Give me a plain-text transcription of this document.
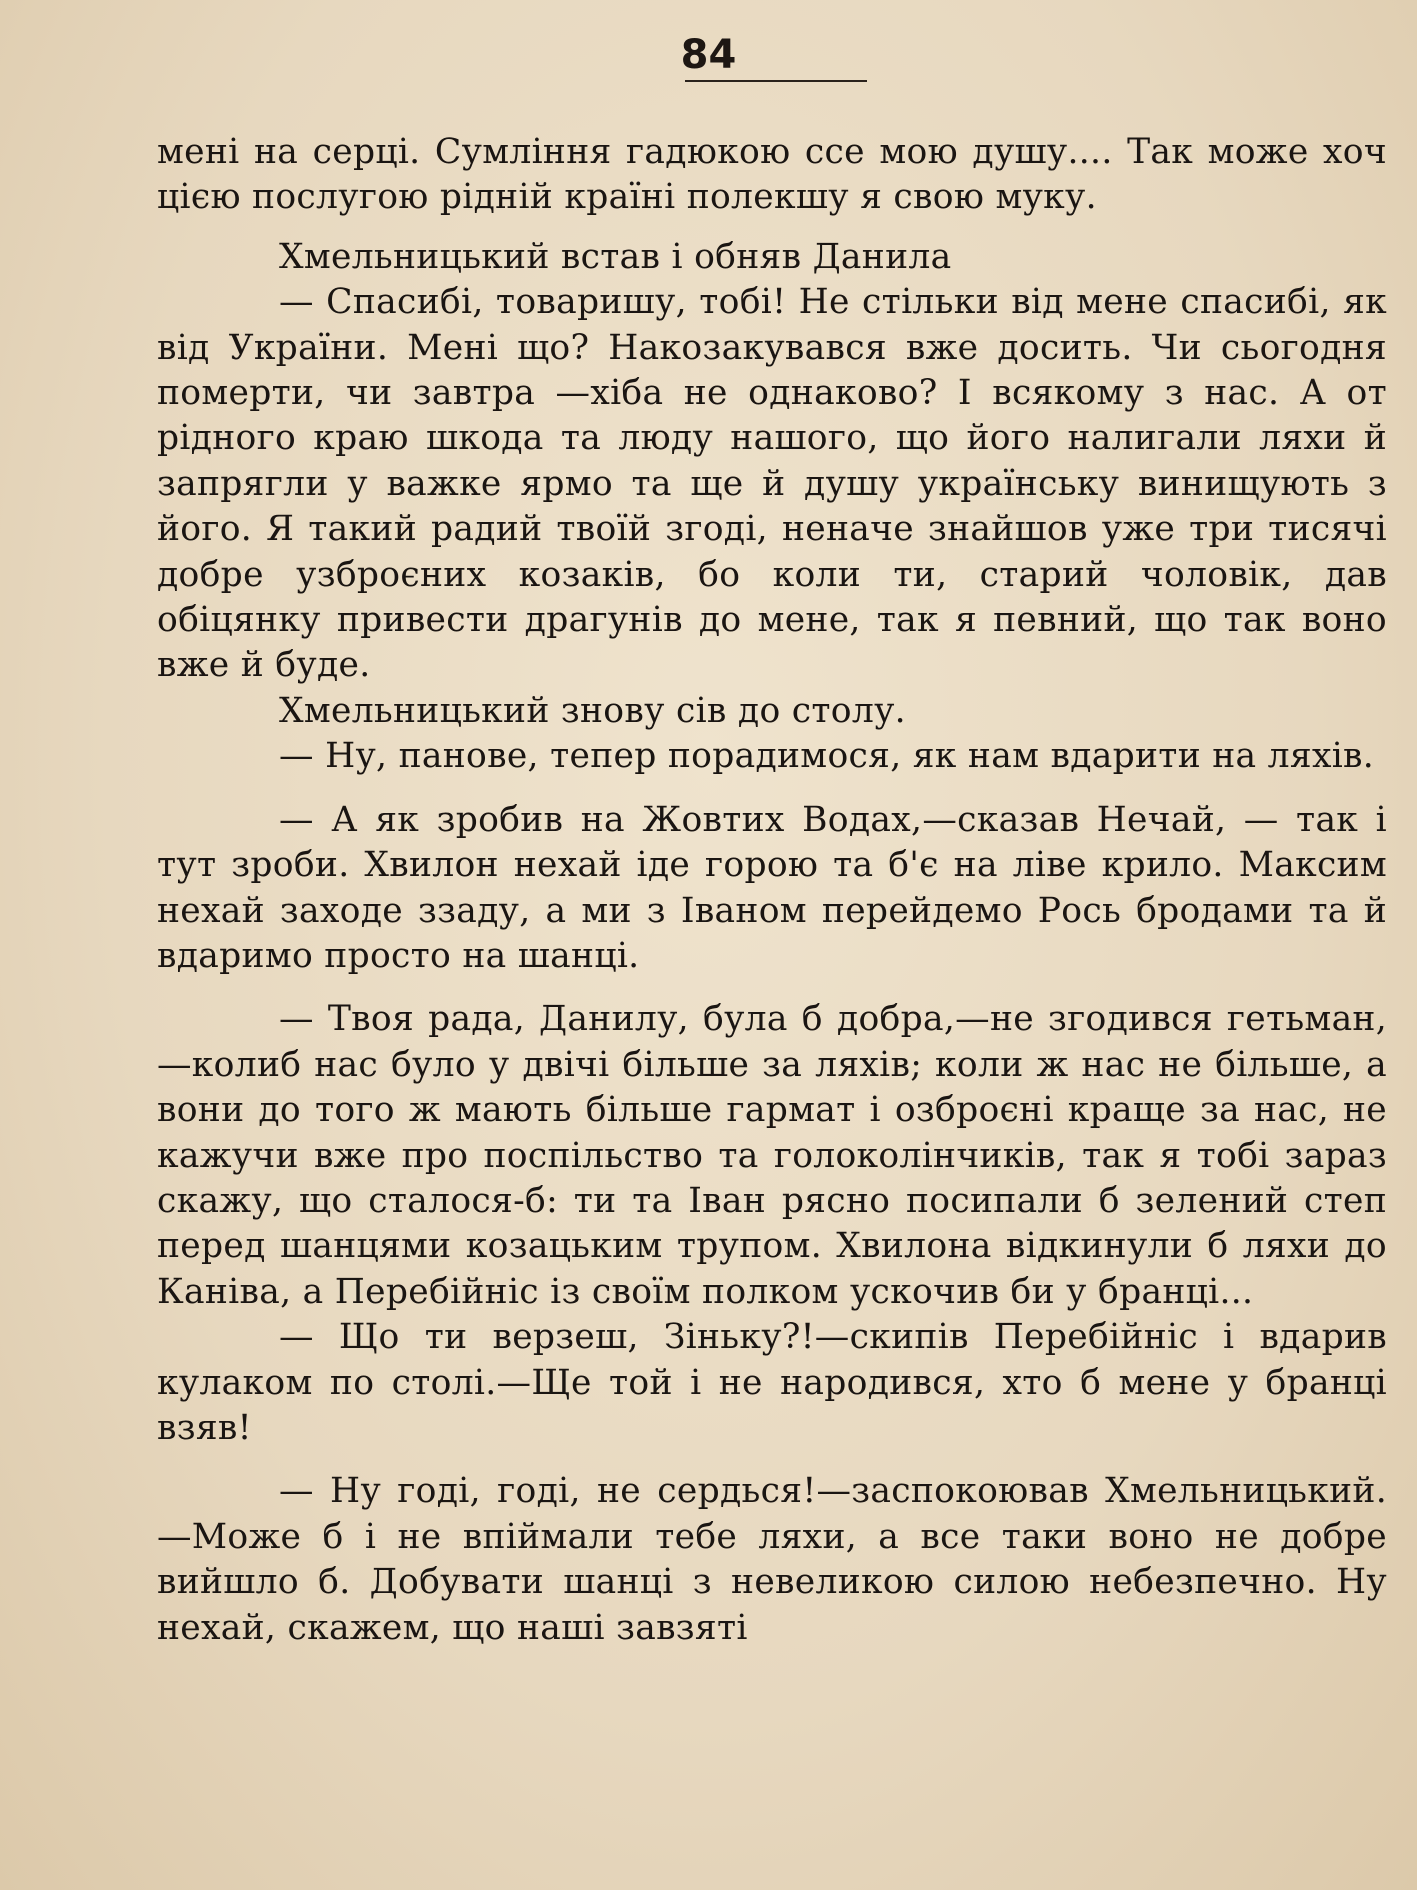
84

мені на серці. Сумління гадюкою ссе мою душу.... Так може хоч цією послугою рідній країні полекшу я свою муку.

Хмельницький встав і обняв Данила

— Спасибі, товаришу, тобі! Не стільки від мене спасибі, як від України. Мені що? Накозакувався вже досить. Чи сьогодня померти, чи завтра —хіба не однаково? І всякому з нас. А от рідного краю шкода та люду нашого, що його налигали ляхи й запрягли у важке ярмо та ще й душу українську винищують з його. Я такий радий твоїй згоді, неначе знайшов уже три тисячі добре узброєних козаків, бо коли ти, старий чоловік, дав обіцянку привести драгунів до мене, так я певний, що так воно вже й буде.

Хмельницький знову сів до столу.

— Ну, панове, тепер порадимося, як нам вдарити на ляхів.

— А як зробив на Жовтих Водах,—сказав Нечай, — так і тут зроби. Хвилон нехай іде горою та б'є на ліве крило. Максим нехай заходе ззаду, а ми з Іваном перейдемо Рось бродами та й вдаримо просто на шанці.

— Твоя рада, Данилу, була б добра,—не згодився гетьман,—колиб нас було у двічі більше за ляхів; коли ж нас не більше, а вони до того ж мають більше гармат і озброєні краще за нас, не кажучи вже про поспільство та голоколінчиків, так я тобі зараз скажу, що сталося-б: ти та Іван рясно посипали б зелений степ перед шанцями козацьким трупом. Хвилона відкинули б ляхи до Канiва, а Перебійніс із своїм полком ускочив би у бранці...

— Що ти верзеш, Зіньку?!—скипів Перебійніс і вдарив кулаком по столі.—Ще той і не народився, хто б мене у бранці взяв!

— Ну годі, годі, не сердься!—заспокоював Хмельницький.—Може б і не впіймали тебе ляхи, а все таки воно не добре вийшло б. Добувати шанці з невеликою силою небезпечно. Ну нехай, скажем, що наші завзяті
